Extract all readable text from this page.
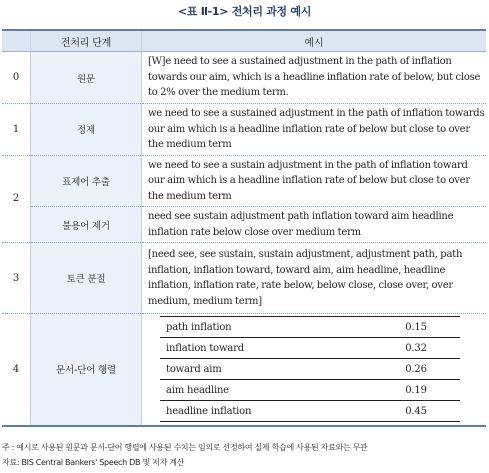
<표 Ⅱ-1> 전처리 과정 예시
	전처리 단계	예시
0	원문	[W]e need to see a sustained adjustment in the path of inflation towards our aim, which is a headline inflation rate of below, but close to 2% over the medium term.
1	정제	we need to see a sustained adjustment in the path of inflation towards our aim which is a headline inflation rate of below but close to over the medium term
2	표제어 추출	we need to see a sustain adjustment in the path of inflation toward our aim which is a headline inflation rate of below but close to over the medium term
불용어 제거	need see sustain adjustment path inflation toward aim headline inflation rate below close over medium term
3	토큰 분절	[need see, see sustain, sustain adjustment, adjustment path, path inflation, inflation toward, toward aim, aim headline, headline inflation, inflation rate, rate below, below close, close over, over medium, medium term]
4	문서-단어 행렬	
path inflation	0.15
inflation toward	0.32
toward aim	0.26
aim headline	0.19
headline inflation	0.45
주 : 예시로 사용된 원문과 문서-단어 행렬에 사용된 수치는 임의로 선정하여 실제 학습에 사용된 자료와는 무관
자료: BIS Central Bankers' Speech DB 및 저자 계산
